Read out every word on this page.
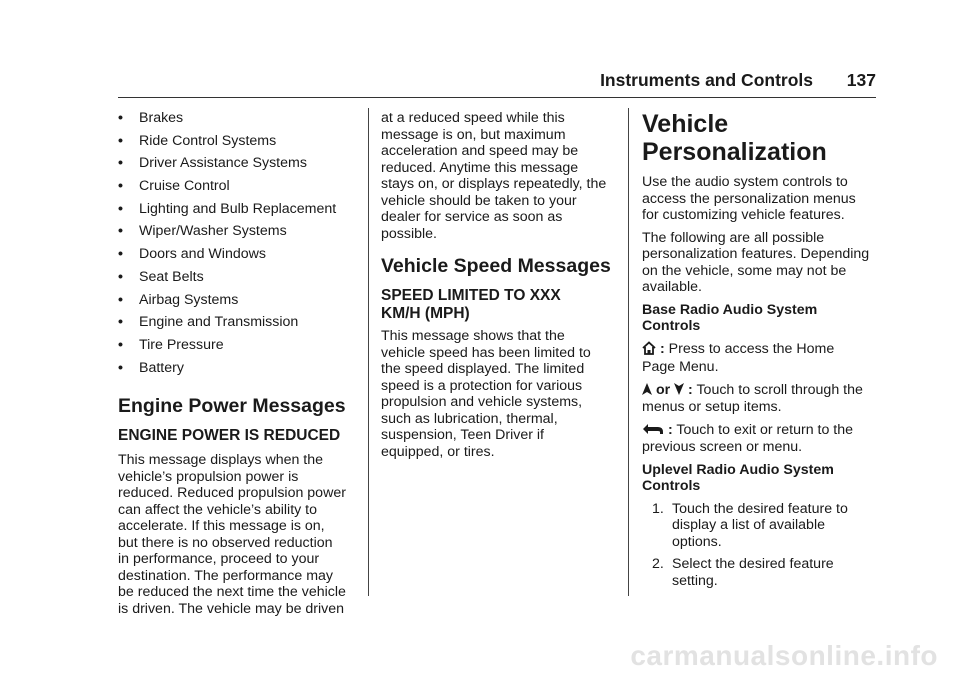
Instruments and Controls 137
• Brakes
• Ride Control Systems
• Driver Assistance Systems
• Cruise Control
• Lighting and Bulb Replacement
• Wiper/Washer Systems
• Doors and Windows
• Seat Belts
• Airbag Systems
• Engine and Transmission
• Tire Pressure
• Battery
Engine Power Messages
ENGINE POWER IS REDUCED
This message displays when the
vehicle’s propulsion power is
reduced. Reduced propulsion power
can affect the vehicle’s ability to
accelerate. If this message is on,
but there is no observed reduction
in performance, proceed to your
destination. The performance may
be reduced the next time the vehicle
is driven. The vehicle may be driven
at a reduced speed while this
message is on, but maximum
acceleration and speed may be
reduced. Anytime this message
stays on, or displays repeatedly, the
vehicle should be taken to your
dealer for service as soon as
possible.
Vehicle Speed Messages
SPEED LIMITED TO XXX
KM/H (MPH)
This message shows that the
vehicle speed has been limited to
the speed displayed. The limited
speed is a protection for various
propulsion and vehicle systems,
such as lubrication, thermal,
suspension, Teen Driver if
equipped, or tires.
Vehicle
Personalization
Use the audio system controls to
access the personalization menus
for customizing vehicle features.
The following are all possible
personalization features. Depending
on the vehicle, some may not be
available.
Base Radio Audio System
Controls
: Press to access the Home
Page Menu.
or : Touch to scroll through the
menus or setup items.
: Touch to exit or return to the
previous screen or menu.
Uplevel Radio Audio System
Controls
1. Touch the desired feature to
display a list of available
options.
2. Select the desired feature
setting.
carmanualsonline.info
